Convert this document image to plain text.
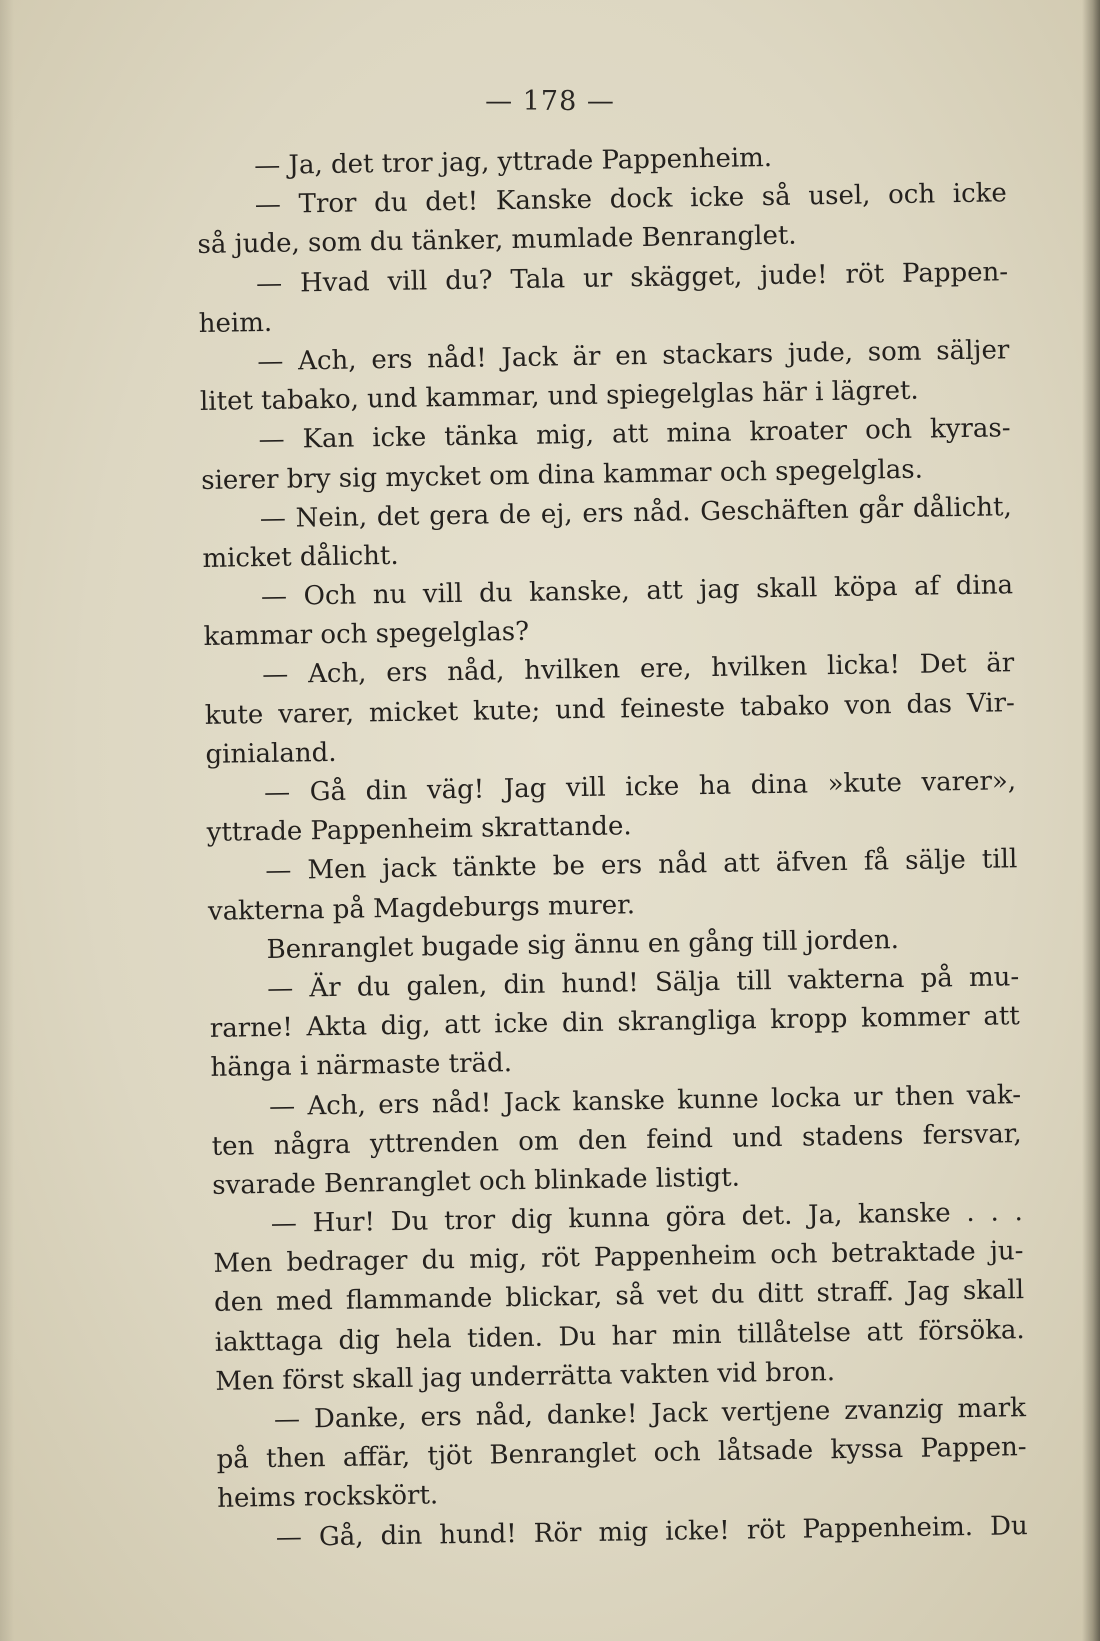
— 178 —
— Ja, det tror jag, yttrade Pappenheim.
— Tror du det! Kanske dock icke så usel, och icke
så jude, som du tänker, mumlade Benranglet.
— Hvad vill du? Tala ur skägget, jude! röt Pappen-
heim.
— Ach, ers nåd! Jack är en stackars jude, som säljer
litet tabako, und kammar, und spiegelglas här i lägret.
— Kan icke tänka mig, att mina kroater och kyras-
sierer bry sig mycket om dina kammar och spegelglas.
— Nein, det gera de ej, ers nåd. Geschäften går dålicht,
micket dålicht.
— Och nu vill du kanske, att jag skall köpa af dina
kammar och spegelglas?
— Ach, ers nåd, hvilken ere, hvilken licka! Det är
kute varer, micket kute; und feineste tabako von das Vir-
ginialand.
— Gå din väg! Jag vill icke ha dina »kute varer»,
yttrade Pappenheim skrattande.
— Men jack tänkte be ers nåd att äfven få sälje till
vakterna på Magdeburgs murer.
Benranglet bugade sig ännu en gång till jorden.
— Är du galen, din hund! Sälja till vakterna på mu-
rarne! Akta dig, att icke din skrangliga kropp kommer att
hänga i närmaste träd.
— Ach, ers nåd! Jack kanske kunne locka ur then vak-
ten några yttrenden om den feind und stadens fersvar,
svarade Benranglet och blinkade listigt.
— Hur! Du tror dig kunna göra det. Ja, kanske . . .
Men bedrager du mig, röt Pappenheim och betraktade ju-
den med flammande blickar, så vet du ditt straff. Jag skall
iakttaga dig hela tiden. Du har min tillåtelse att försöka.
Men först skall jag underrätta vakten vid bron.
— Danke, ers nåd, danke! Jack vertjene zvanzig mark
på then affär, tjöt Benranglet och låtsade kyssa Pappen-
heims rockskört.
— Gå, din hund! Rör mig icke! röt Pappenheim. Du
